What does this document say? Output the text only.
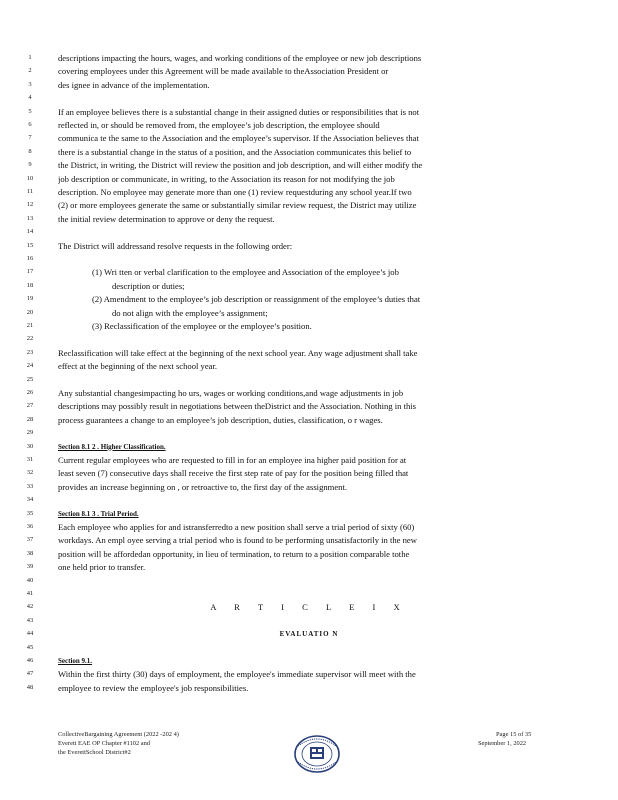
1	descriptions impacting the hours, wages, and working conditions of the employee or new job descriptions
2	covering employees under this Agreement will be made available to theAssociation President or
3	des ignee in advance of the implementation.
4
5	If an employee believes there is a substantial change in their assigned duties or responsibilities that is not
6	reflected in, or should be removed from, the employee’s job description, the employee should
7	communica te the same to the Association and the employee’s supervisor. If the Association believes that
8	there is a substantial change in the status of a position, and the Association communicates this belief to
9	the District, in writing, the District will review the position and job description, and will either modify the
10	job description or communicate, in writing, to the Association its reason for not modifying the job
11	description. No employee may generate more than one (1) review requestduring any school year.If two
12	(2) or more employees generate the same or substantially similar review request, the District may utilize
13	the initial review determination to approve or deny the request.
14
15	The District will addressand resolve requests in the following order:
16
17	(1) Wri tten or verbal clarification to the employee and Association of the employee’s job
18	description or duties;
19	(2) Amendment to the employee’s job description or reassignment of the employee’s duties that
20	do not align with the employee’s assignment;
21	(3) Reclassification of the employee or the employee’s position.
22
23	Reclassification will take effect at the beginning of the next school year. Any wage adjustment shall take
24	effect at the beginning of the next school year.
25
26	Any substantial changesimpacting ho urs, wages or working conditions,and wage adjustments in job
27	descriptions may possibly result in negotiations between theDistrict and the Association. Nothing in this
28	process guarantees a change to an employee’s job description, duties, classification, o r wages.
29
30	Section 8.1 2 . Higher Classification.
31	Current regular employees who are requested to fill in for an employee ina higher paid position for at
32	least seven (7) consecutive days shall receive the first step rate of pay for the position being filled that
33	provides an increase beginning on , or retroactive to, the first day of the assignment.
34
35	Section 8.1 3 . Trial Period.
36	Each employee who applies for and istransferredto a new position shall serve a trial period of sixty (60)
37	workdays. An empl oyee serving a trial period who is found to be performing unsatisfactorily in the new
38	position will be affordedan opportunity, in lieu of termination, to return to a position comparable tothe
39	one held prior to transfer.
40
41
42	A R T I C L E I X
43
44	EVALUATIO N
45
46	Section 9.1.
47	Within the first thirty (30) days of employment, the employee's immediate supervisor will meet with the
48	employee to review the employee's job responsibilities.
CollectiveBargaining Agreement (2022 -202 4)
Everett EAE OP Chapter #1102 and
the EverettSchool District#2
Page 15 of 35
September 1, 2022
